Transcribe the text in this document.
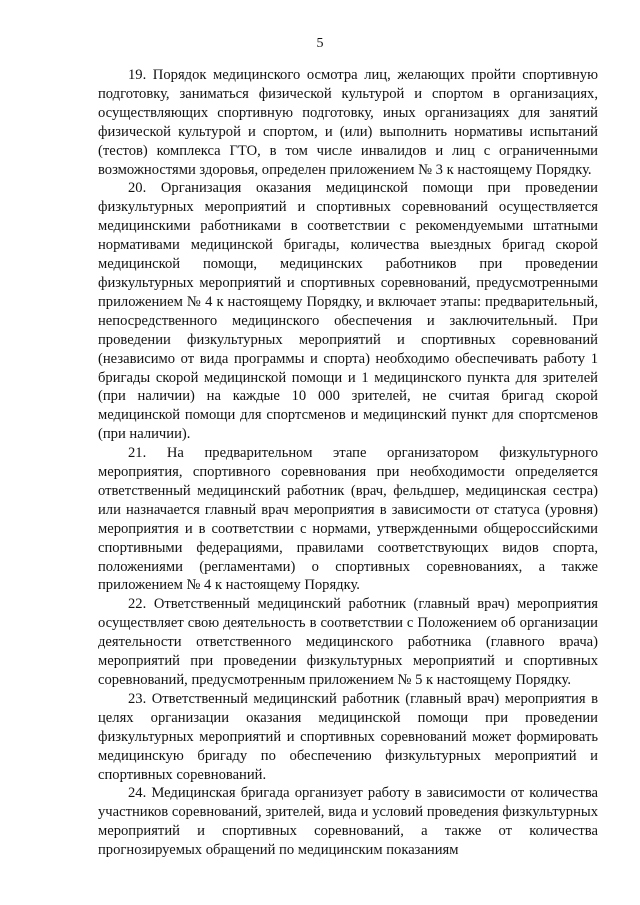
5

19. Порядок медицинского осмотра лиц, желающих пройти спортивную подготовку, заниматься физической культурой и спортом в организациях, осуществляющих спортивную подготовку, иных организациях для занятий физической культурой и спортом, и (или) выполнить нормативы испытаний (тестов) комплекса ГТО, в том числе инвалидов и лиц с ограниченными возможностями здоровья, определен приложением № 3 к настоящему Порядку.

20. Организация оказания медицинской помощи при проведении физкультурных мероприятий и спортивных соревнований осуществляется медицинскими работниками в соответствии с рекомендуемыми штатными нормативами медицинской бригады, количества выездных бригад скорой медицинской помощи, медицинских работников при проведении физкультурных мероприятий и спортивных соревнований, предусмотренными приложением № 4 к настоящему Порядку, и включает этапы: предварительный, непосредственного медицинского обеспечения и заключительный. При проведении физкультурных мероприятий и спортивных соревнований (независимо от вида программы и спорта) необходимо обеспечивать работу 1 бригады скорой медицинской помощи и 1 медицинского пункта для зрителей (при наличии) на каждые 10 000 зрителей, не считая бригад скорой медицинской помощи для спортсменов и медицинский пункт для спортсменов (при наличии).

21. На предварительном этапе организатором физкультурного мероприятия, спортивного соревнования при необходимости определяется ответственный медицинский работник (врач, фельдшер, медицинская сестра) или назначается главный врач мероприятия в зависимости от статуса (уровня) мероприятия и в соответствии с нормами, утвержденными общероссийскими спортивными федерациями, правилами соответствующих видов спорта, положениями (регламентами) о спортивных соревнованиях, а также приложением № 4 к настоящему Порядку.

22. Ответственный медицинский работник (главный врач) мероприятия осуществляет свою деятельность в соответствии с Положением об организации деятельности ответственного медицинского работника (главного врача) мероприятий при проведении физкультурных мероприятий и спортивных соревнований, предусмотренным приложением № 5 к настоящему Порядку.

23. Ответственный медицинский работник (главный врач) мероприятия в целях организации оказания медицинской помощи при проведении физкультурных мероприятий и спортивных соревнований может формировать медицинскую бригаду по обеспечению физкультурных мероприятий и спортивных соревнований.

24. Медицинская бригада организует работу в зависимости от количества участников соревнований, зрителей, вида и условий проведения физкультурных мероприятий и спортивных соревнований, а также от количества прогнозируемых обращений по медицинским показаниям
